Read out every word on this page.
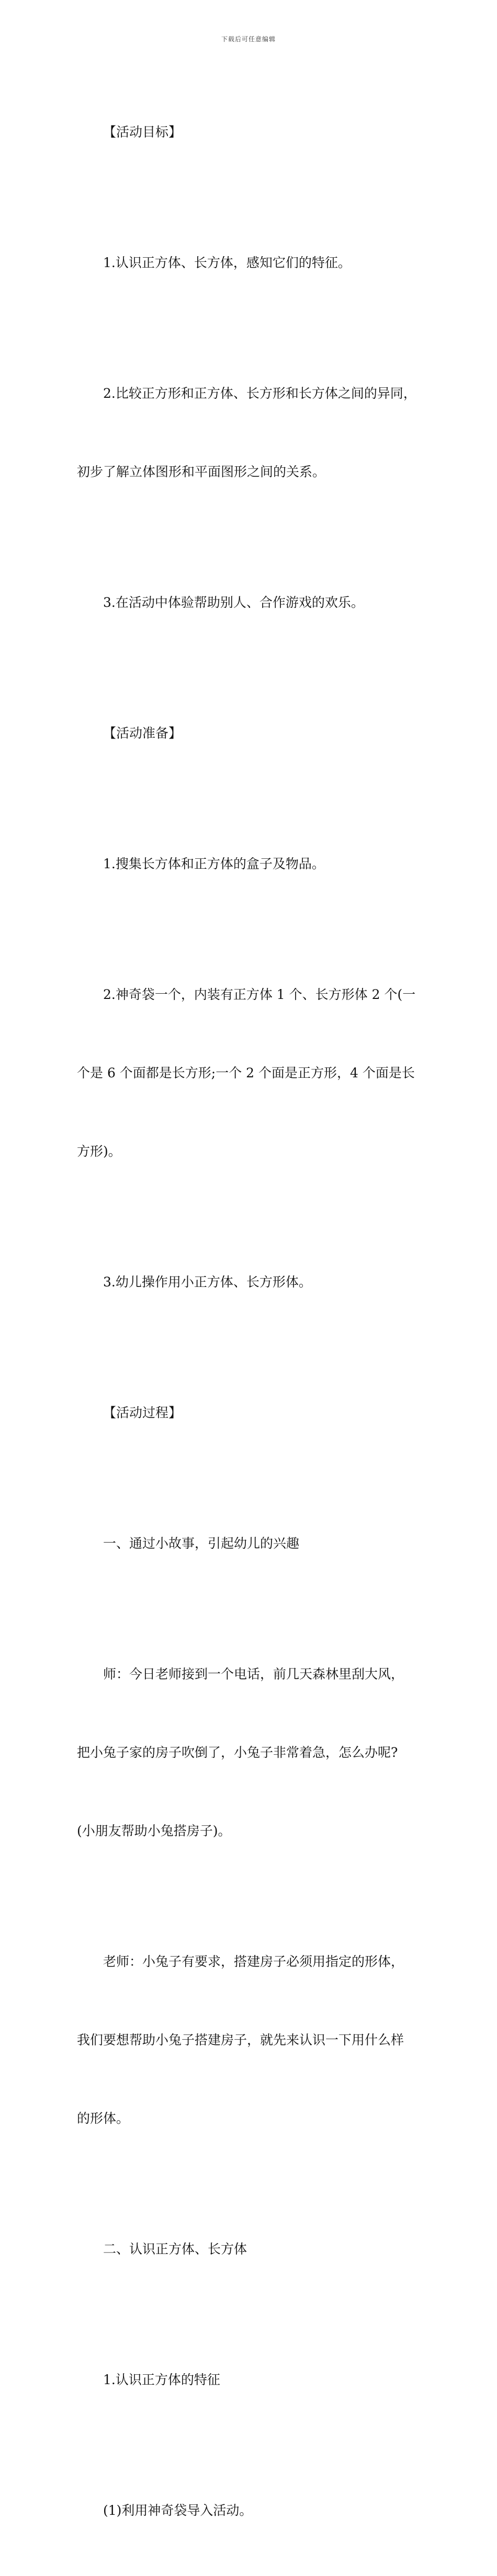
下载后可任意编辑

【活动目标】

1.认识正方体、长方体，感知它们的特征。

2.比较正方形和正方体、长方形和长方体之间的异同，

初步了解立体图形和平面图形之间的关系。

3.在活动中体验帮助别人、合作游戏的欢乐。

【活动准备】

1.搜集长方体和正方体的盒子及物品。

2.神奇袋一个，内装有正方体 1 个、长方形体 2 个(一

个是 6 个面都是长方形;一个 2 个面是正方形，4 个面是长

方形)。

3.幼儿操作用小正方体、长方形体。

【活动过程】

一、通过小故事，引起幼儿的兴趣

师：今日老师接到一个电话，前几天森林里刮大风，

把小兔子家的房子吹倒了，小兔子非常着急，怎么办呢?

(小朋友帮助小兔搭房子)。

老师：小兔子有要求，搭建房子必须用指定的形体，

我们要想帮助小兔子搭建房子，就先来认识一下用什么样

的形体。

二、认识正方体、长方体

1.认识正方体的特征

(1)利用神奇袋导入活动。
